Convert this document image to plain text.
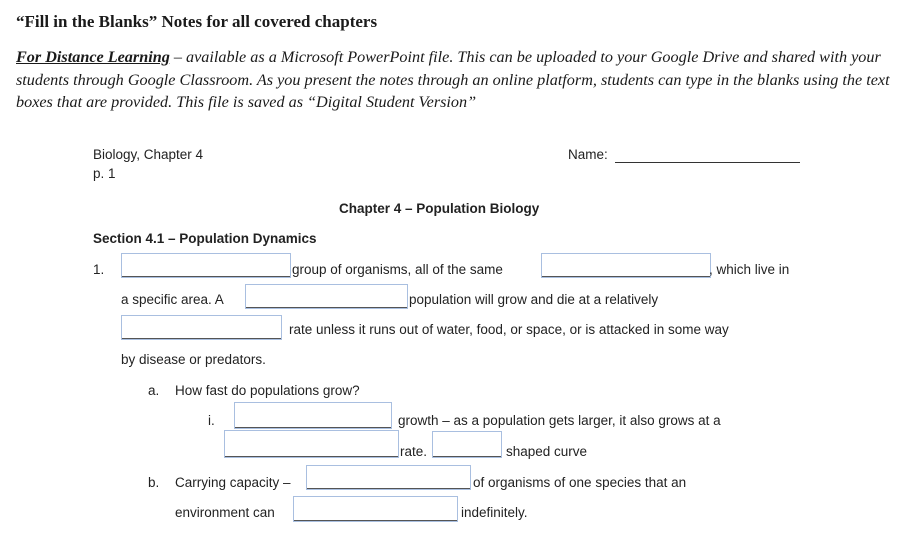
“Fill in the Blanks” Notes for all covered chapters
For Distance Learning – available as a Microsoft PowerPoint file. This can be uploaded to your Google Drive and shared with your students through Google Classroom. As you present the notes through an online platform, students can type in the blanks using the text boxes that are provided. This file is saved as “Digital Student Version”
Biology, Chapter 4
p. 1
Name:
Chapter 4 – Population Biology
Section 4.1 – Population Dynamics
1.	group of organisms, all of the same	, which live in
a specific area. A	population will grow and die at a relatively
rate unless it runs out of water, food, or space, or is attacked in some way
by disease or predators.
a. How fast do populations grow?
i.	growth – as a population gets larger, it also grows at a
rate.	shaped curve
b. Carrying capacity –	of organisms of one species that an
environment can	indefinitely.
